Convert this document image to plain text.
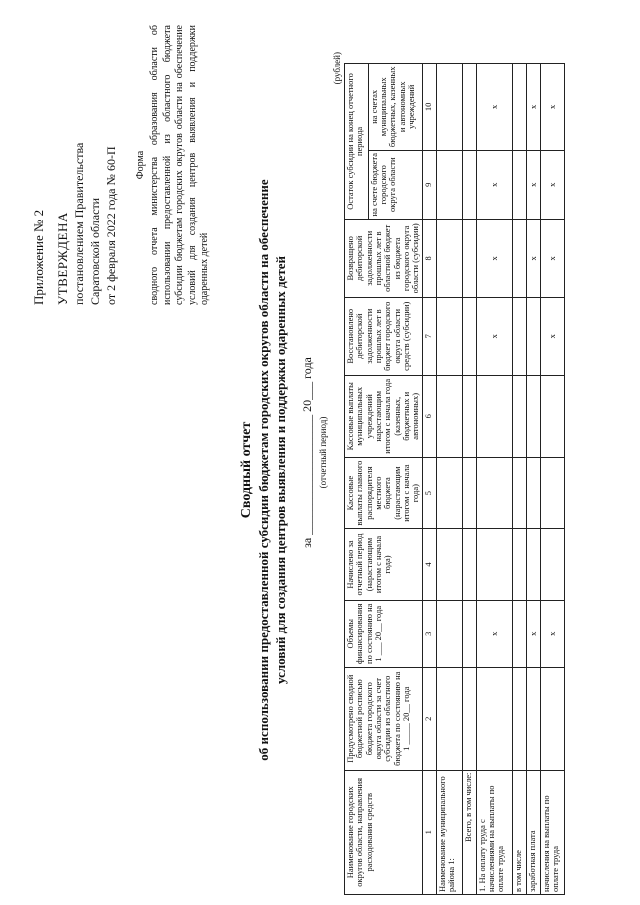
Приложение № 2 УТВЕРЖДЕНА постановлением Правительства Саратовской области от 2 февраля 2022 года № 60-П Форма сводного отчета министерства образования области об использовании предоставленной из областного бюджета субсидии бюджетам городских округов области на обеспечение условий для создания центров выявления и поддержки одаренных детей
Сводный отчет об использовании предоставленной субсидии бюджетам городских округов области на обеспечение условий для создания центров выявления и поддержки одаренных детей за ____________________ 20___ года (отчетный период)
(рублей)
Наименование городских округов области, направления расходования средств	Предусмотрено сводной бюджетной росписью бюджета городского округа области за счет субсидии из областного бюджета по состоянию на 1 _____ 20__ года	Объемы финансирования по состоянию на 1 ___ 20__ года	Начислено за отчетный период (нарастающим итогом с начала года)	Кассовые выплаты главного распорядителя местного бюджета (нарастающим итогом с начала года)	Кассовые выплаты муниципальных учреждений нарастающим итогом с начала года (казенных, бюджетных и автономных)	Восстановлено дебиторской задолженности прошлых лет в бюджет городского округа области средств (субсидии)	Возвращено дебиторской задолженности прошлых лет в областной бюджет из бюджета городского округа области (субсидии)	Остаток субсидии на конец отчетного периода	
								на счете бюджета городского округа области	на счетах муниципальных бюджетных, казенных и автономных учреждений
1	2	3	4	5	6	7	8	9	10
Наименование муниципального района 1:									
Всего, в том числе:									
1. На оплату труда с начислениями на выплаты по оплате труда		х				х	х	х	х
в том числе									
заработная плата		х					х	х	х
начисления на выплаты по оплате труда		х				х	х	х	х
